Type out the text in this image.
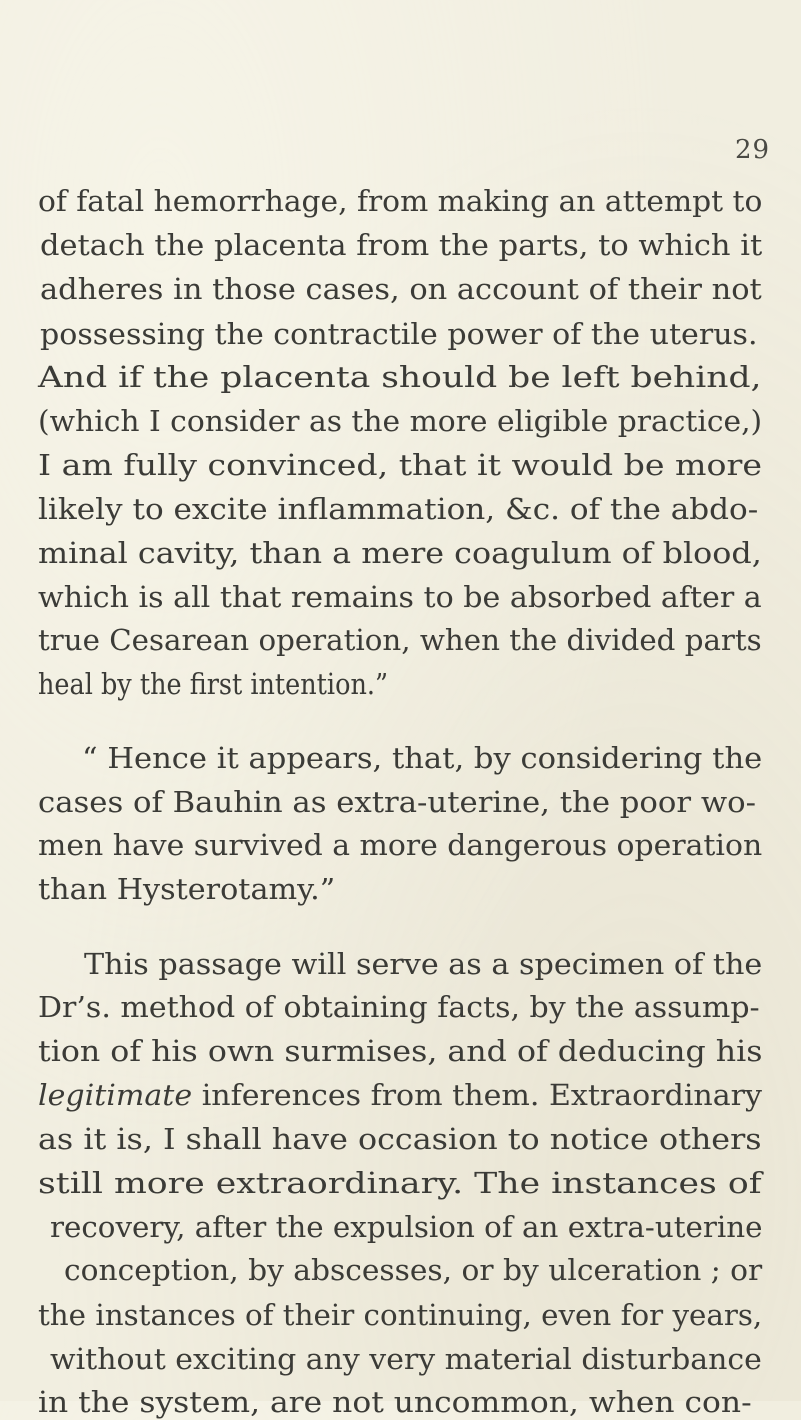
29
of fatal hemorrhage, from making an attempt to
detach the placenta from the parts, to which it
adheres in those cases, on account of their not
possessing the contractile power of the uterus.
And if the placenta should be left behind,
(which I consider as the more eligible practice,)
I am fully convinced, that it would be more
likely to excite inflammation, &c. of the abdo-
minal cavity, than a mere coagulum of blood,
which is all that remains to be absorbed after a
true Cesarean operation, when the divided parts
heal by the first intention.”
“ Hence it appears, that, by considering the
cases of Bauhin as extra-uterine, the poor wo-
men have survived a more dangerous operation
than Hysterotamy.”
This passage will serve as a specimen of the
Dr’s. method of obtaining facts, by the assump-
tion of his own surmises, and of deducing his
legitimate inferences from them. Extraordinary
as it is, I shall have occasion to notice others
still more extraordinary. The instances of
recovery, after the expulsion of an extra-uterine
conception, by abscesses, or by ulceration ; or
the instances of their continuing, even for years,
without exciting any very material disturbance
in the system, are not uncommon, when con-
